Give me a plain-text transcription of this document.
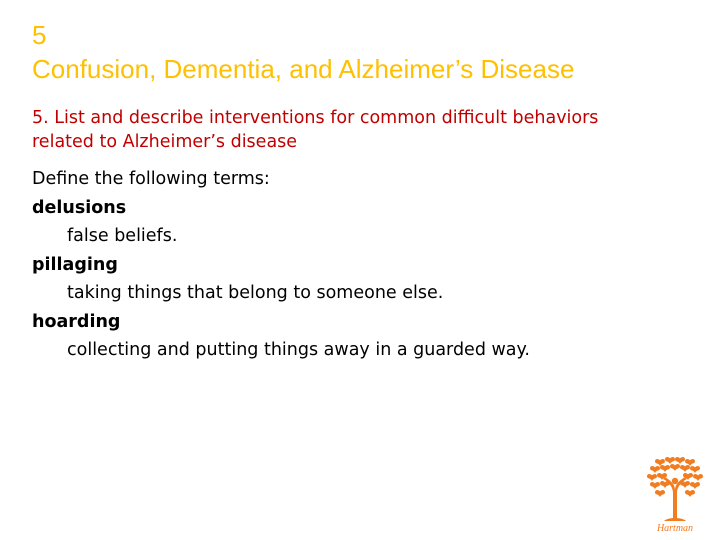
5
Confusion, Dementia, and Alzheimer’s Disease
5. List and describe interventions for common difficult behaviors
related to Alzheimer’s disease
Define the following terms:
delusions
false beliefs.
pillaging
taking things that belong to someone else.
hoarding
collecting and putting things away in a guarded way.
Hartman
